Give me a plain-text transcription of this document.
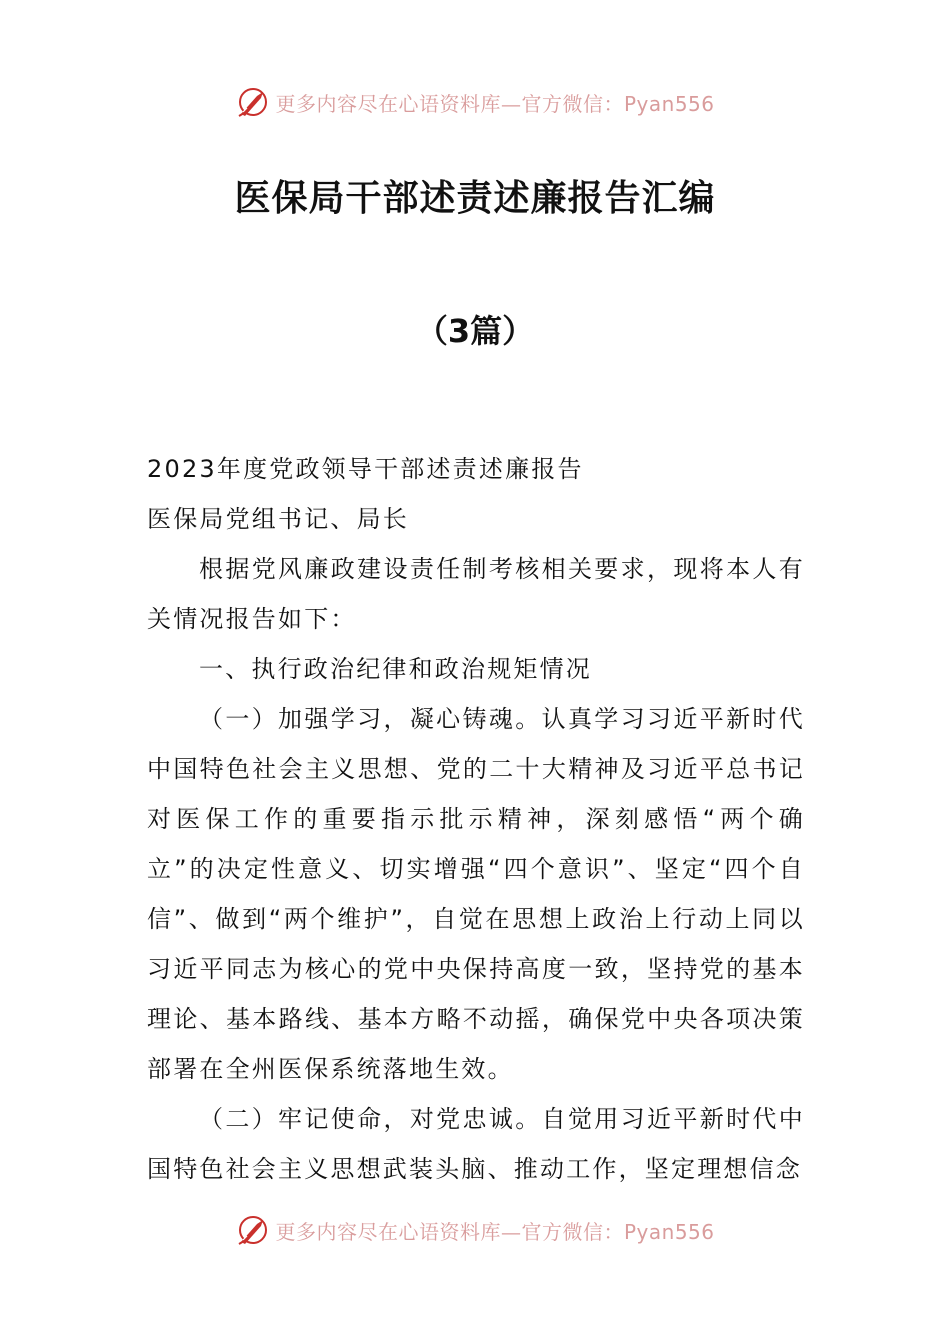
更多内容尽在心语资料库—官方微信：Pyan556
医保局干部述责述廉报告汇编
（3篇）

2023年度党政领导干部述责述廉报告

医保局党组书记、局长

根据党风廉政建设责任制考核相关要求，现将本人有关情况报告如下：

一、执行政治纪律和政治规矩情况

（一）加强学习，凝心铸魂。认真学习习近平新时代中国特色社会主义思想、党的二十大精神及习近平总书记对医保工作的重要指示批示精神，深刻感悟“两个确立”的决定性意义、切实增强“四个意识”、坚定“四个自信”、做到“两个维护”，自觉在思想上政治上行动上同以习近平同志为核心的党中央保持高度一致，坚持党的基本理论、基本路线、基本方略不动摇，确保党中央各项决策部署在全州医保系统落地生效。

（二）牢记使命，对党忠诚。自觉用习近平新时代中国特色社会主义思想武装头脑、推动工作，坚定理想信念

更多内容尽在心语资料库—官方微信：Pyan556
